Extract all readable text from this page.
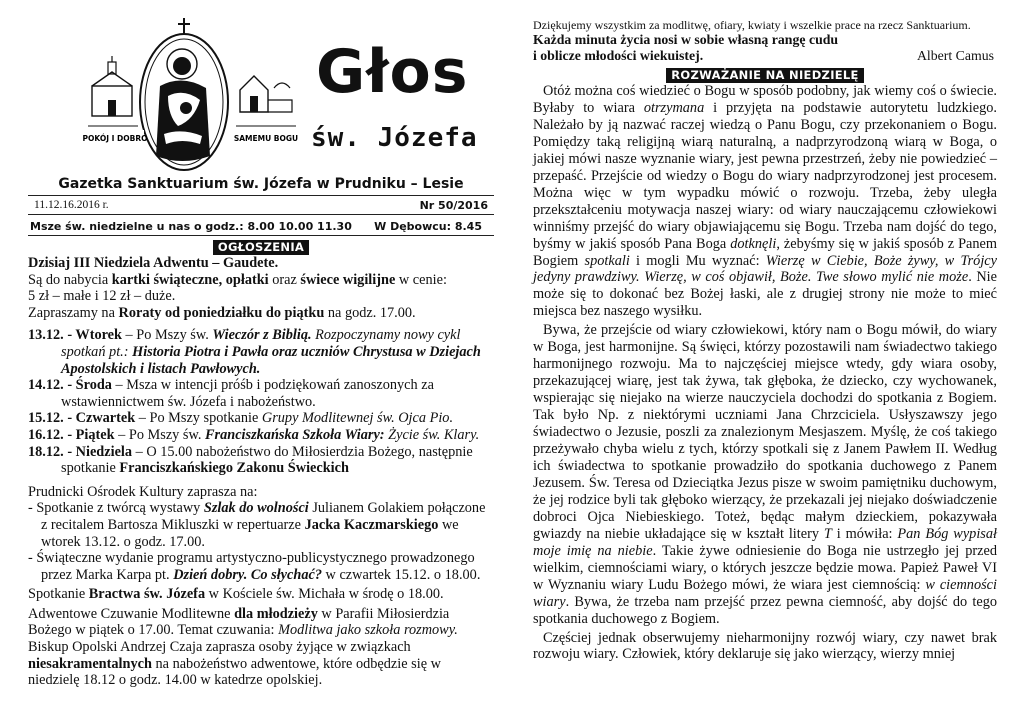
POKÓJ I DOBRO	SAMEMU BOGU
Głos
św. Józefa
Gazetka Sanktuarium św. Józefa w Prudniku – Lesie
11.12.16.2016 r.	Nr 50/2016
Msze św. niedzielne u nas o godz.: 8.00 10.00 11.30 W Dębowcu: 8.45
OGŁOSZENIA

Dzisiaj III Niedziela Adwentu – Gaudete.

Są do nabycia kartki świąteczne, opłatki oraz świece wigilijne w cenie:

5 zł – małe i 12 zł – duże.

Zapraszamy na Roraty od poniedziałku do piątku na godz. 17.00.

13.12. - Wtorek – Po Mszy św. Wieczór z Biblią. Rozpoczynamy nowy cykl spotkań pt.: Historia Piotra i Pawła oraz uczniów Chrystusa w Dziejach Apostolskich i listach Pawłowych.

14.12. - Środa – Msza w intencji próśb i podziękowań zanoszonych za wstawiennictwem św. Józefa i nabożeństwo.

15.12. - Czwartek – Po Mszy spotkanie Grupy Modlitewnej św. Ojca Pio.

16.12. - Piątek – Po Mszy św. Franciszkańska Szkoła Wiary: Życie św. Klary.

18.12. - Niedziela – O 15.00 nabożeństwo do Miłosierdzia Bożego, następnie spotkanie Franciszkańskiego Zakonu Świeckich

Prudnicki Ośrodek Kultury zaprasza na:

- Spotkanie z twórcą wystawy Szlak do wolności Julianem Golakiem połączone z recitalem Bartosza Mikluszki w repertuarze Jacka Kaczmarskiego we wtorek 13.12. o godz. 17.00.

- Świąteczne wydanie programu artystyczno-publicystycznego prowadzonego przez Marka Karpa pt. Dzień dobry. Co słychać? w czwartek 15.12. o 18.00.

Spotkanie Bractwa św. Józefa w Kościele św. Michała w środę o 18.00.

Adwentowe Czuwanie Modlitewne dla młodzieży w Parafii Miłosierdzia Bożego w piątek o 17.00. Temat czuwania: Modlitwa jako szkoła rozmowy. Biskup Opolski Andrzej Czaja zaprasza osoby żyjące w związkach niesakramentalnych na nabożeństwo adwentowe, które odbędzie się w niedzielę 18.12 o godz. 14.00 w katedrze opolskiej.

Dziękujemy wszystkim za modlitwę, ofiary, kwiaty i wszelkie prace na rzecz Sanktuarium.
Każda minuta życia nosi w sobie własną rangę cudu
i oblicze młodości wiekuistej.	Albert Camus
ROZWAŻANIE NA NIEDZIELĘ

Otóż można coś wiedzieć o Bogu w sposób podobny, jak wiemy coś o świecie. Byłaby to wiara otrzymana i przyjęta na podstawie autorytetu ludzkiego. Należało by ją nazwać raczej wiedzą o Panu Bogu, czy przekonaniem o Bogu. Pomiędzy taką religijną wiarą naturalną, a nadprzyrodzoną wiarą w Boga, o jakiej mówi nasze wyznanie wiary, jest pewna przestrzeń, żeby nie powiedzieć – przepaść. Przejście od wiedzy o Bogu do wiary nadprzyrodzonej jest procesem. Można więc w tym wypadku mówić o rozwoju. Trzeba, żeby uległa przekształceniu motywacja naszej wiary: od wiary nauczającemu człowiekowi winniśmy przejść do wiary objawiającemu się Bogu. Trzeba nam dojść do tego, byśmy w jakiś sposób Pana Boga dotknęli, żebyśmy się w jakiś sposób z Panem Bogiem spotkali i mogli Mu wyznać: Wierzę w Ciebie, Boże żywy, w Trójcy jedyny prawdziwy. Wierzę, w coś objawił, Boże. Twe słowo mylić nie może. Nie może się to dokonać bez Bożej łaski, ale z drugiej strony nie może to mieć miejsca bez naszego wysiłku.

Bywa, że przejście od wiary człowiekowi, który nam o Bogu mówił, do wiary w Boga, jest harmonijne. Są święci, którzy pozostawili nam świadectwo takiego harmonijnego rozwoju. Ma to najczęściej miejsce wtedy, gdy wiara osoby, przekazującej wiarę, jest tak żywa, tak głęboka, że dziecko, czy wychowanek, wspierając się niejako na wierze nauczyciela dochodzi do spotkania z Bogiem. Tak było Np. z niektórymi uczniami Jana Chrzciciela. Usłyszawszy jego świadectwo o Jezusie, poszli za znalezionym Mesjaszem. Myślę, że coś takiego przeżywało chyba wielu z tych, którzy spotkali się z Janem Pawłem II. Według ich świadectwa to spotkanie prowadziło do spotkania duchowego z Panem Jezusem. Św. Teresa od Dzieciątka Jezus pisze w swoim pamiętniku duchowym, że jej rodzice byli tak głęboko wierzący, że przekazali jej niejako doświadczenie dobroci Ojca Niebieskiego. Toteż, będąc małym dzieckiem, pokazywała gwiazdy na niebie układające się w kształt litery T i mówiła: Pan Bóg wypisał moje imię na niebie. Takie żywe odniesienie do Boga nie ustrzegło jej przed wielkim, ciemnościami wiary, o których jeszcze będzie mowa. Papież Paweł VI w Wyznaniu wiary Ludu Bożego mówi, że wiara jest ciemnością: w ciemności wiary. Bywa, że trzeba nam przejść przez pewna ciemność, aby dojść do tego spotkania duchowego z Bogiem.

Częściej jednak obserwujemy nieharmonijny rozwój wiary, czy nawet brak rozwoju wiary. Człowiek, który deklaruje się jako wierzący, wierzy mniej
